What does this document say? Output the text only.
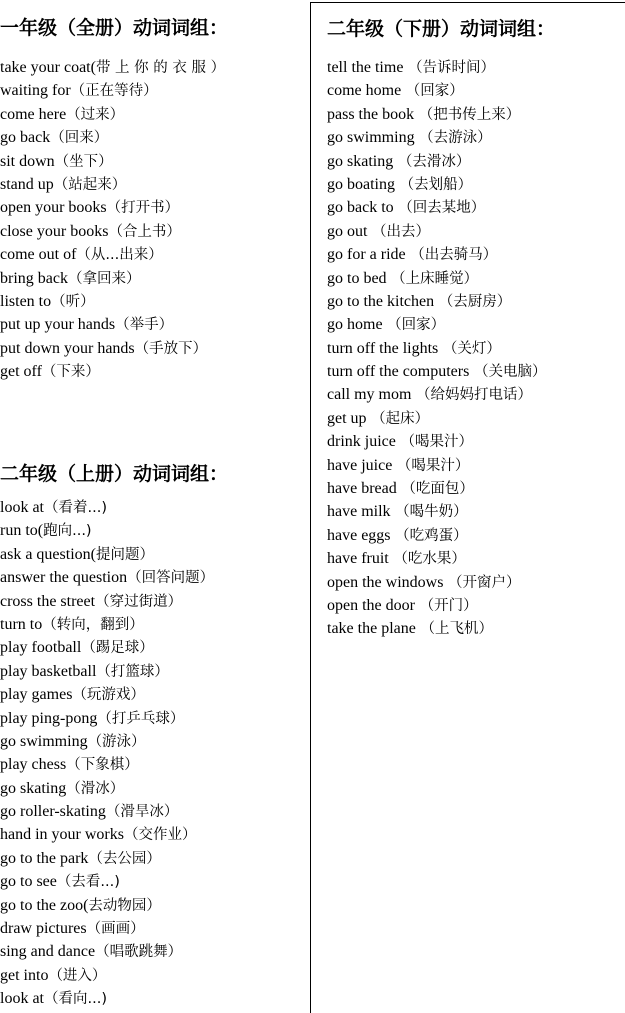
一年级（全册）动词词组：
take your coat(带 上 你 的 衣 服 ）
waiting for（正在等待）
come here（过来）
go back（回来）
sit down（坐下）
stand up（站起来）
open your books（打开书）
close your books（合上书）
come out of（从...出来）
bring back（拿回来）
listen to（听）
put up your hands（举手）
put down your hands（手放下）
get off（下来）
二年级（上册）动词词组：
look at（看着...)
run to(跑向...)
ask a question(提问题）
answer the question（回答问题）
cross the street（穿过街道）
turn to（转向，翻到）
play football（踢足球）
play basketball（打篮球）
play games（玩游戏）
play ping-pong（打乒乓球）
go swimming（游泳）
play chess（下象棋）
go skating（滑冰）
go roller-skating（滑旱冰）
hand in your works（交作业）
go to the park（去公园）
go to see（去看...)
go to the zoo(去动物园）
draw pictures（画画）
sing and dance（唱歌跳舞）
get into（进入）
look at（看向...)
二年级（下册）动词词组：
tell the time （告诉时间）
come home （回家）
pass the book （把书传上来）
go swimming （去游泳）
go skating （去滑冰）
go boating （去划船）
go back to （回去某地）
go out （出去）
go for a ride （出去骑马）
go to bed （上床睡觉）
go to the kitchen （去厨房）
go home （回家）
turn off the lights （关灯）
turn off the computers （关电脑）
call my mom （给妈妈打电话）
get up （起床）
drink juice （喝果汁）
have juice （喝果汁）
have bread （吃面包）
have milk （喝牛奶）
have eggs （吃鸡蛋）
have fruit （吃水果）
open the windows （开窗户）
open the door （开门）
take the plane （上飞机）
